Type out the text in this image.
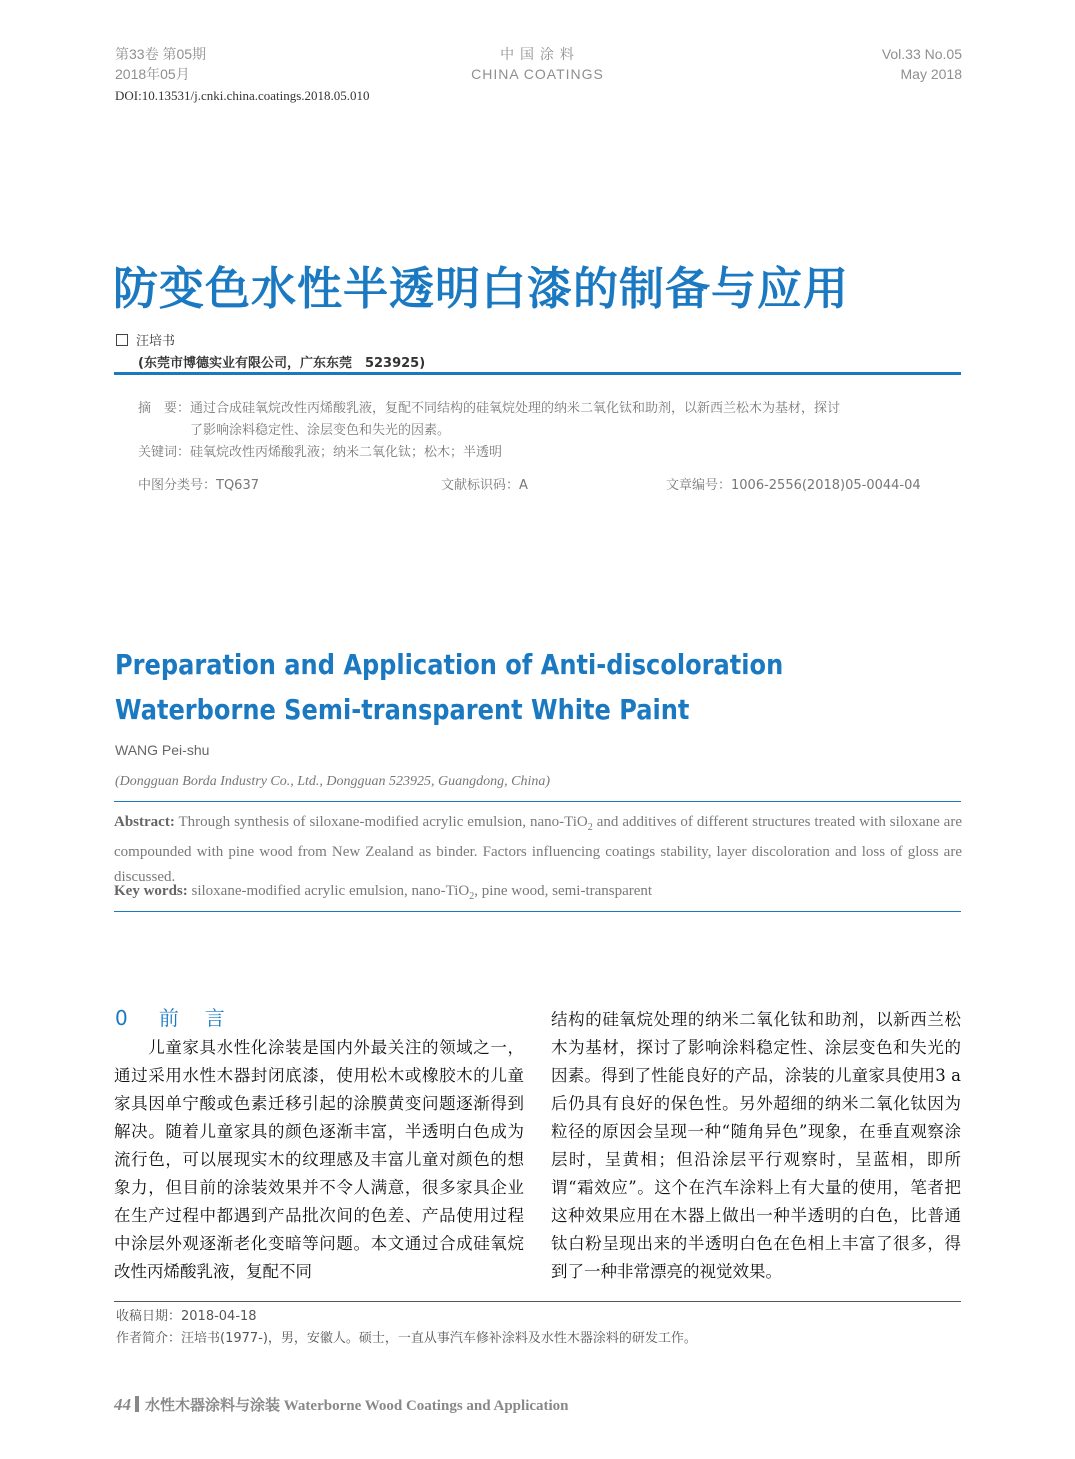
第33卷 第05期
2018年05月
中 国 涂 料
CHINA COATINGS
Vol.33 No.05
May 2018
DOI:10.13531/j.cnki.china.coatings.2018.05.010
防变色水性半透明白漆的制备与应用
汪培书
(东莞市博德实业有限公司，广东东莞　523925)
摘　要：通过合成硅氧烷改性丙烯酸乳液，复配不同结构的硅氧烷处理的纳米二氧化钛和助剂，以新西兰松木为基材，探讨
了影响涂料稳定性、涂层变色和失光的因素。
关键词：硅氧烷改性丙烯酸乳液；纳米二氧化钛；松木；半透明
中图分类号：TQ637	文献标识码：A	文章编号：1006-2556(2018)05-0044-04
Preparation and Application of Anti-discoloration
Waterborne Semi-transparent White Paint
WANG Pei-shu
(Dongguan Borda Industry Co., Ltd., Dongguan 523925, Guangdong, China)
Abstract: Through synthesis of siloxane-modified acrylic emulsion, nano-TiO$_2$ and additives of different structures treated with siloxane are compounded with pine wood from New Zealand as binder. Factors influencing coatings stability, layer discoloration and loss of gloss are discussed.
Key words: siloxane-modified acrylic emulsion, nano-TiO$_2$, pine wood, semi-transparent
0 前　言

　　儿童家具水性化涂装是国内外最关注的领域之一，通过采用水性木器封闭底漆，使用松木或橡胶木的儿童家具因单宁酸或色素迁移引起的涂膜黄变问题逐渐得到解决。随着儿童家具的颜色逐渐丰富，半透明白色成为流行色，可以展现实木的纹理感及丰富儿童对颜色的想象力，但目前的涂装效果并不令人满意，很多家具企业在生产过程中都遇到产品批次间的色差、产品使用过程中涂层外观逐渐老化变暗等问题。本文通过合成硅氧烷改性丙烯酸乳液，复配不同

结构的硅氧烷处理的纳米二氧化钛和助剂，以新西兰松木为基材，探讨了影响涂料稳定性、涂层变色和失光的因素。得到了性能良好的产品，涂装的儿童家具使用3 a后仍具有良好的保色性。另外超细的纳米二氧化钛因为粒径的原因会呈现一种“随角异色”现象，在垂直观察涂层时，呈黄相；但沿涂层平行观察时，呈蓝相，即所谓“霜效应”。这个在汽车涂料上有大量的使用，笔者把这种效果应用在木器上做出一种半透明的白色，比普通钛白粉呈现出来的半透明白色在色相上丰富了很多，得到了一种非常漂亮的视觉效果。

收稿日期：2018-04-18
作者简介：汪培书(1977-)，男，安徽人。硕士，一直从事汽车修补涂料及水性木器涂料的研发工作。
44 水性木器涂料与涂装 Waterborne Wood Coatings and Application
